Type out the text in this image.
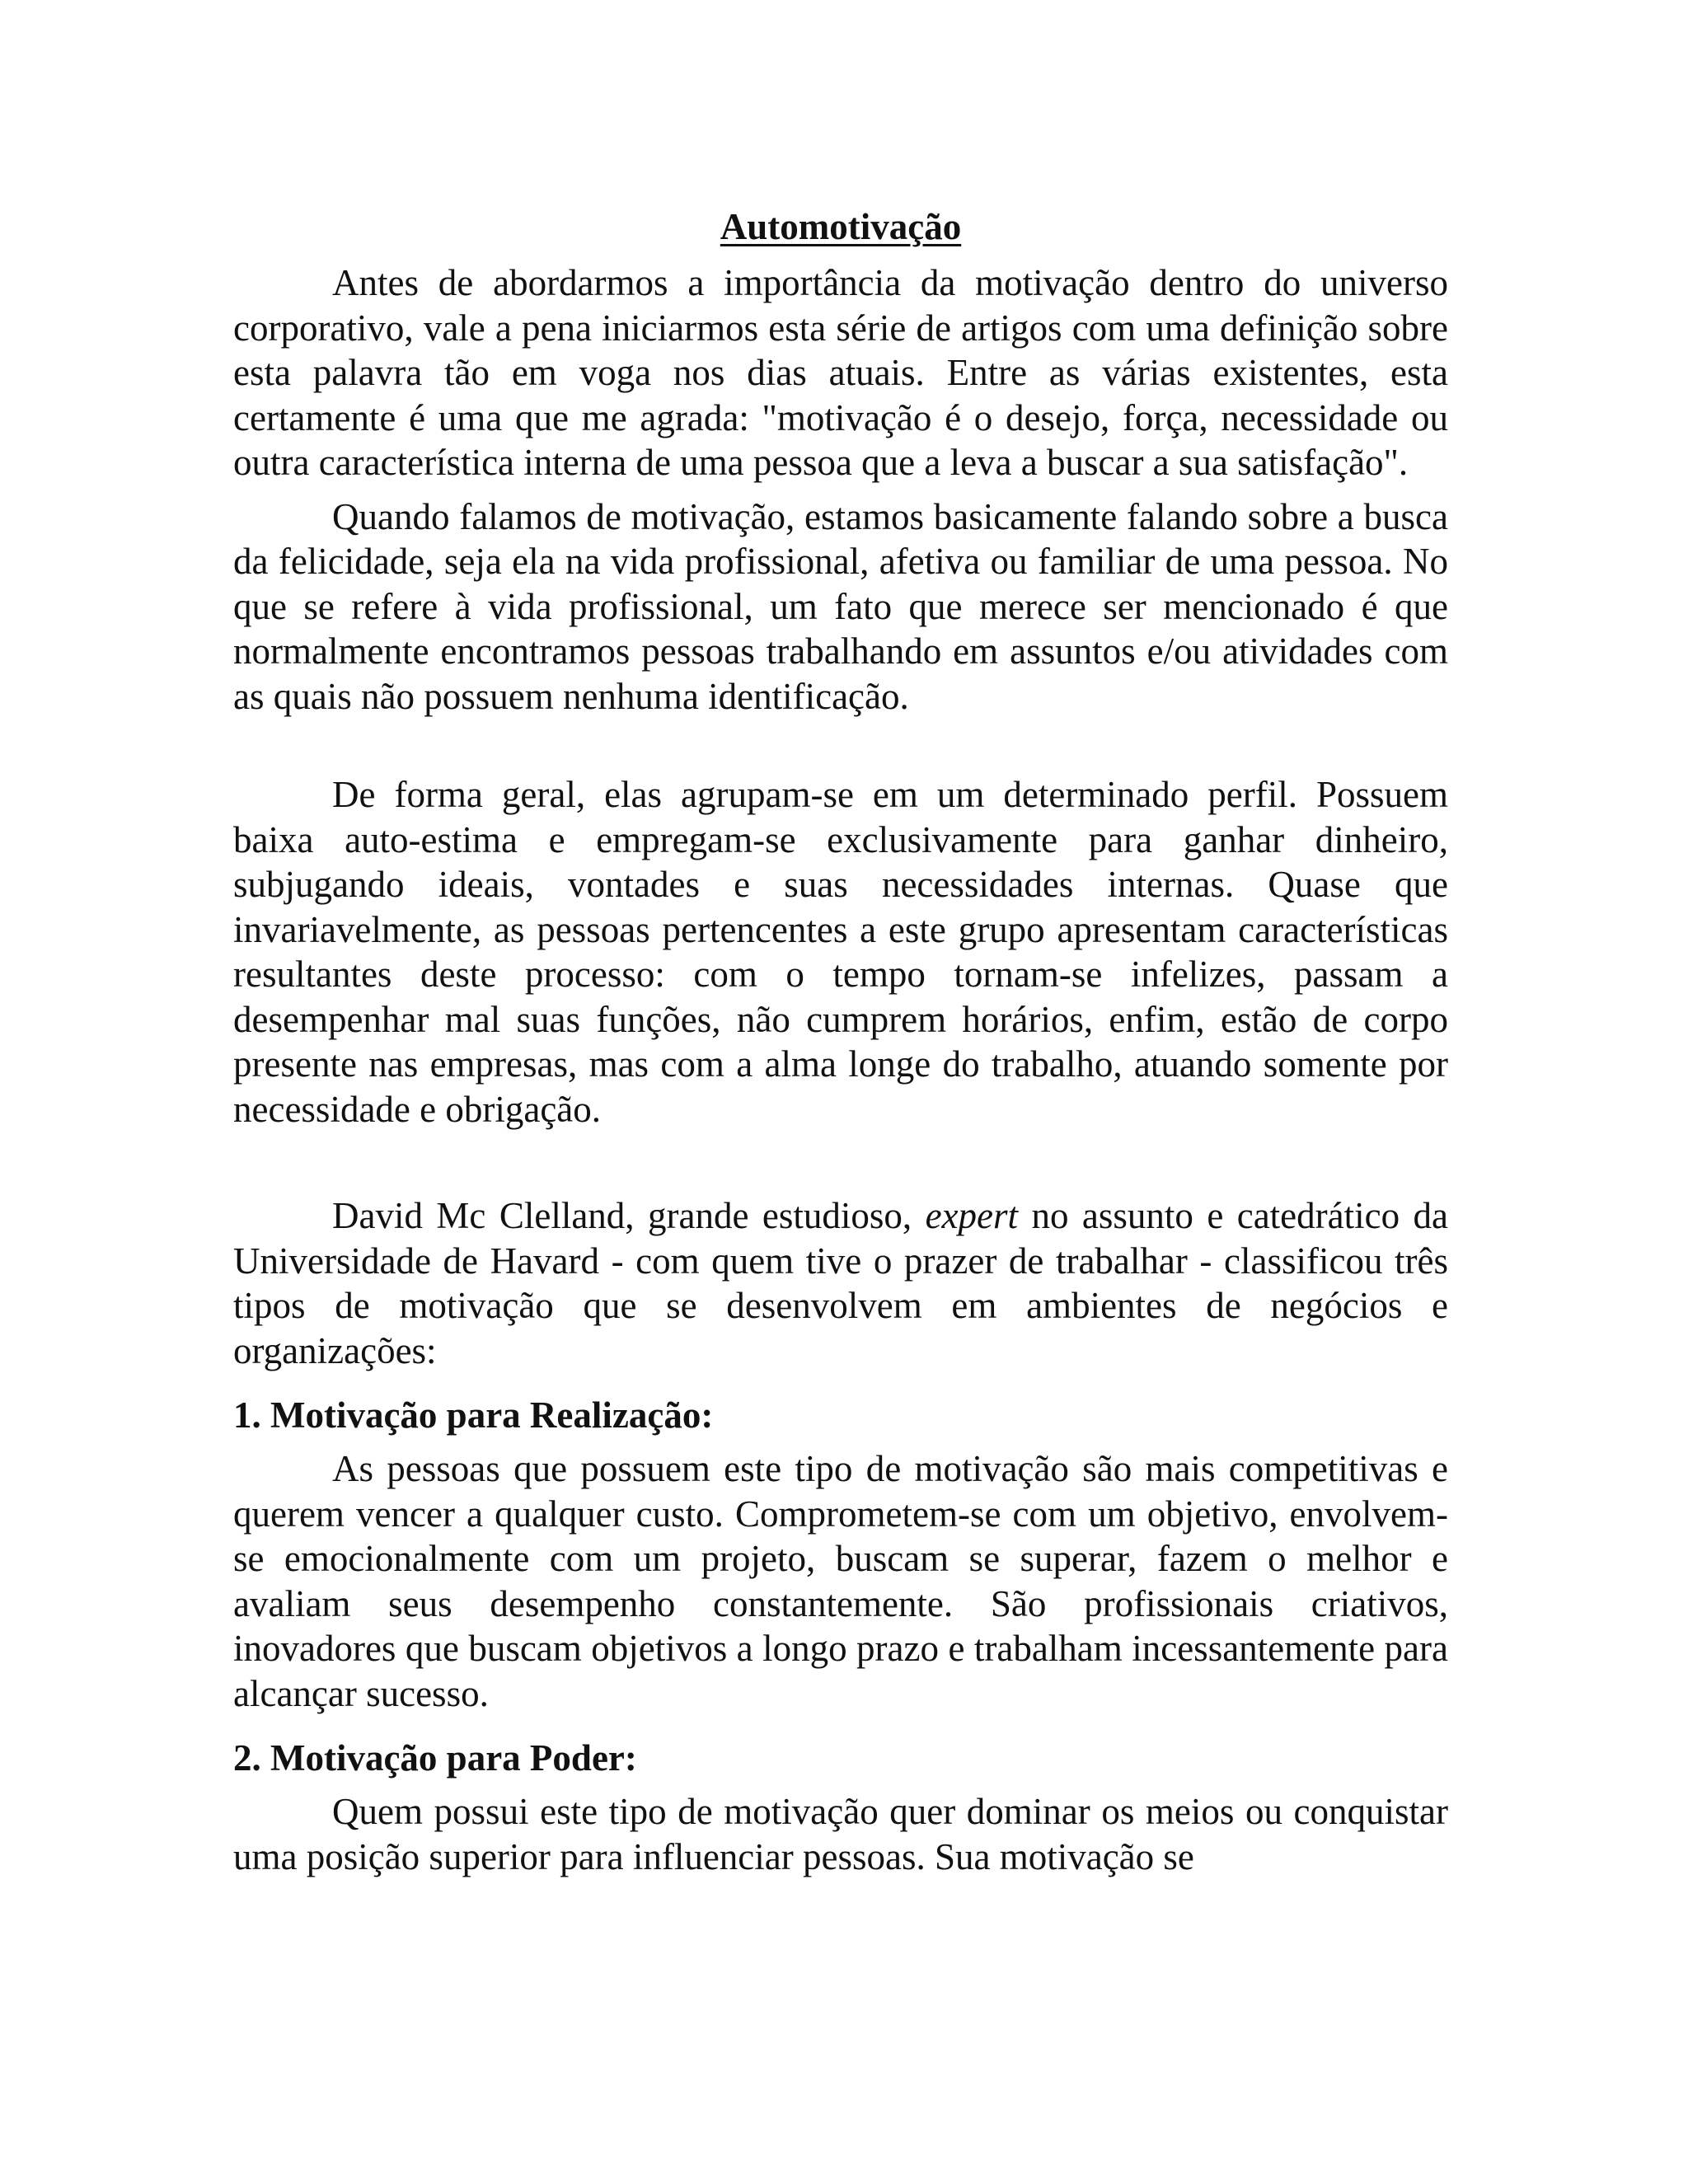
Automotivação

Antes de abordarmos a importância da motivação dentro do universo corporativo, vale a pena iniciarmos esta série de artigos com uma definição sobre esta palavra tão em voga nos dias atuais. Entre as várias existentes, esta certamente é uma que me agrada: "motivação é o desejo, força, necessidade ou outra característica interna de uma pessoa que a leva a buscar a sua satisfação".

Quando falamos de motivação, estamos basicamente falando sobre a busca da felicidade, seja ela na vida profissional, afetiva ou familiar de uma pessoa. No que se refere à vida profissional, um fato que merece ser mencionado é que normalmente encontramos pessoas trabalhando em assuntos e/ou atividades com as quais não possuem nenhuma identificação.

De forma geral, elas agrupam-se em um determinado perfil. Possuem baixa auto-estima e empregam-se exclusivamente para ganhar dinheiro, subjugando ideais, vontades e suas necessidades internas. Quase que invariavelmente, as pessoas pertencentes a este grupo apresentam características resultantes deste processo: com o tempo tornam-se infelizes, passam a desempenhar mal suas funções, não cumprem horários, enfim, estão de corpo presente nas empresas, mas com a alma longe do trabalho, atuando somente por necessidade e obrigação.

David Mc Clelland, grande estudioso, expert no assunto e catedrático da Universidade de Havard - com quem tive o prazer de trabalhar - classificou três tipos de motivação que se desenvolvem em ambientes de negócios e organizações:

1. Motivação para Realização:

As pessoas que possuem este tipo de motivação são mais competitivas e querem vencer a qualquer custo. Comprometem-se com um objetivo, envolvem-se emocionalmente com um projeto, buscam se superar, fazem o melhor e avaliam seus desempenho constantemente. São profissionais criativos, inovadores que buscam objetivos a longo prazo e trabalham incessantemente para alcançar sucesso.

2. Motivação para Poder:

Quem possui este tipo de motivação quer dominar os meios ou conquistar uma posição superior para influenciar pessoas. Sua motivação se
